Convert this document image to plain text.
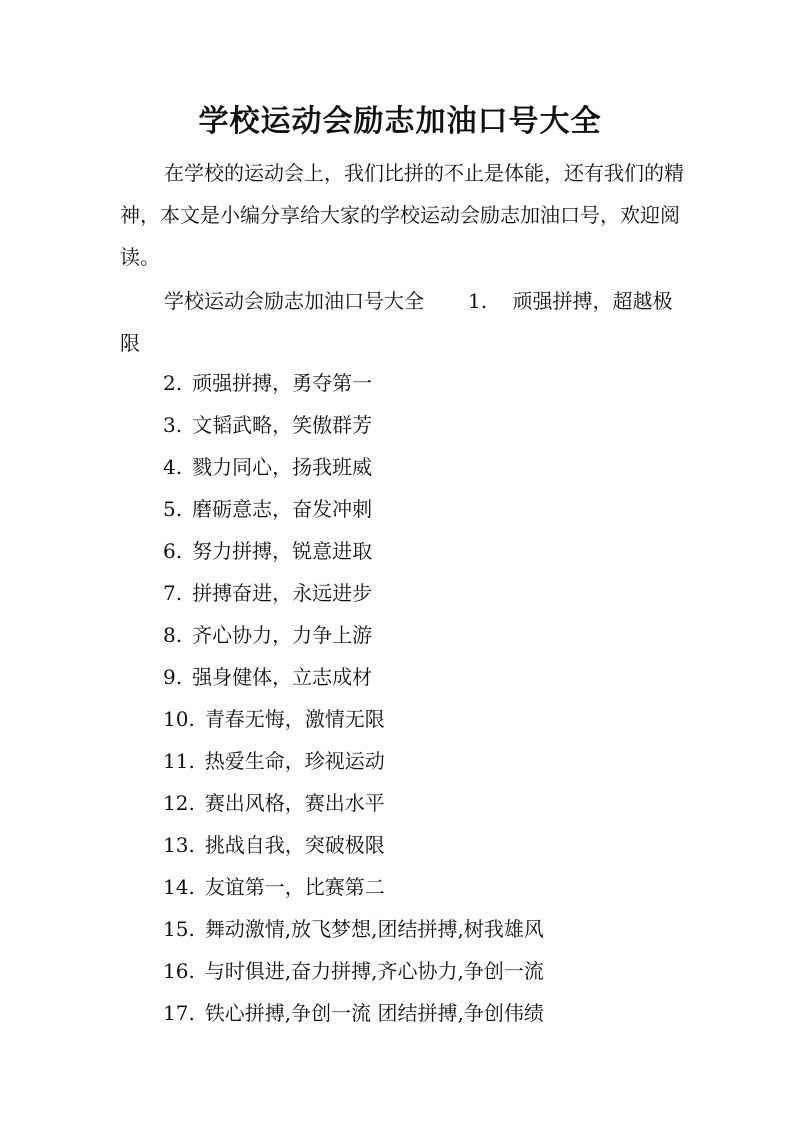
学校运动会励志加油口号大全
在学校的运动会上，我们比拼的不止是体能，还有我们的精神，本文是小编分享给大家的学校运动会励志加油口号，欢迎阅读。
学校运动会励志加油口号大全 1. 顽强拼搏，超越极限
2. 顽强拼搏，勇夺第一
3. 文韬武略，笑傲群芳
4. 戮力同心，扬我班威
5. 磨砺意志，奋发冲刺
6. 努力拼搏，锐意进取
7. 拼搏奋进，永远进步
8. 齐心协力，力争上游
9. 强身健体，立志成材
10. 青春无悔，激情无限
11. 热爱生命，珍视运动
12. 赛出风格，赛出水平
13. 挑战自我，突破极限
14. 友谊第一，比赛第二
15. 舞动激情,放飞梦想,团结拼搏,树我雄风
16. 与时俱进,奋力拼搏,齐心协力,争创一流
17. 铁心拼搏,争创一流 团结拼搏,争创伟绩
